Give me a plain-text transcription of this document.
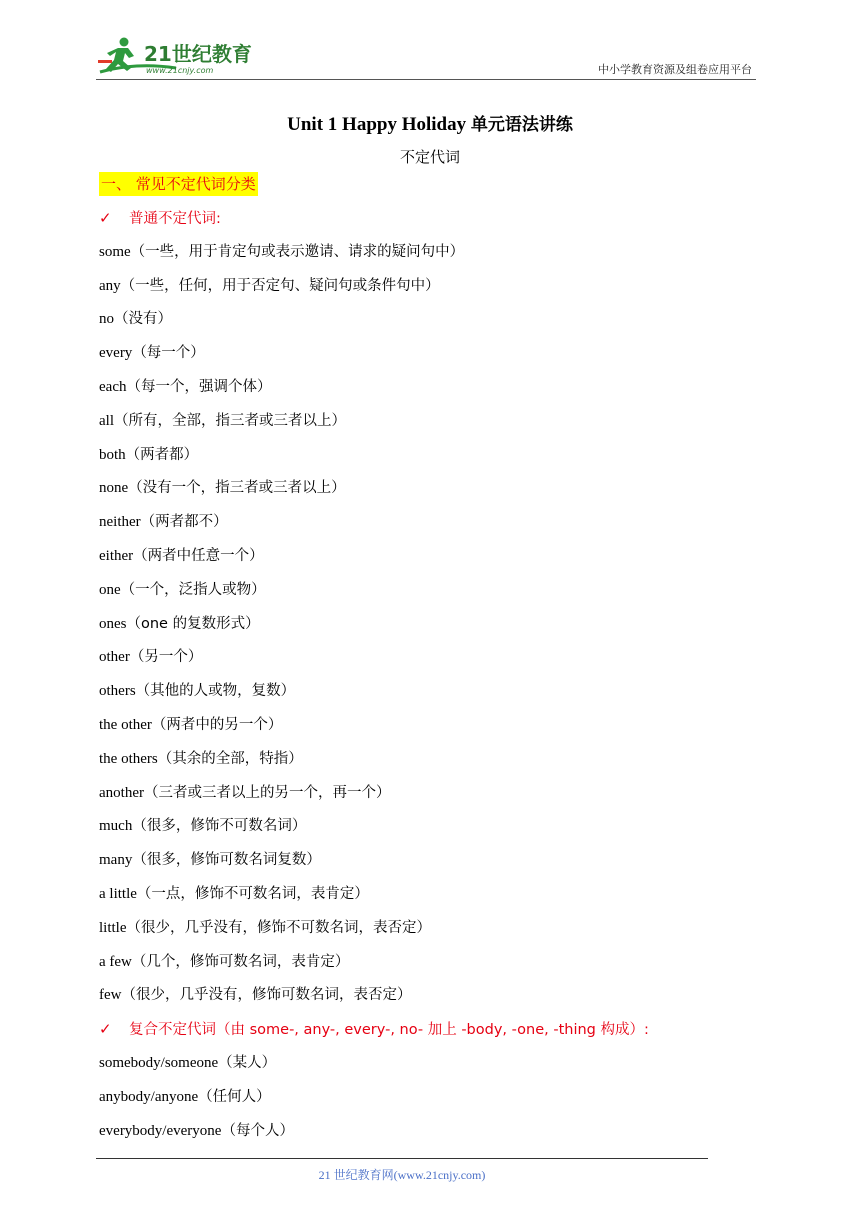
21世纪教育
www.21cnjy.com	中小学教育资源及组卷应用平台
Unit 1 Happy Holiday 单元语法讲练
不定代词
一、 常见不定代词分类
✓ 普通不定代词:
some（一些，用于肯定句或表示邀请、请求的疑问句中）
any（一些，任何，用于否定句、疑问句或条件句中）
no（没有）
every（每一个）
each（每一个，强调个体）
all（所有，全部，指三者或三者以上）
both（两者都）
none（没有一个，指三者或三者以上）
neither（两者都不）
either（两者中任意一个）
one（一个，泛指人或物）
ones（one 的复数形式）
other（另一个）
others（其他的人或物，复数）
the other（两者中的另一个）
the others（其余的全部，特指）
another（三者或三者以上的另一个，再一个）
much（很多，修饰不可数名词）
many（很多，修饰可数名词复数）
a little（一点，修饰不可数名词，表肯定）
little（很少，几乎没有，修饰不可数名词，表否定）
a few（几个，修饰可数名词，表肯定）
few（很少，几乎没有，修饰可数名词，表否定）
✓ 复合不定代词（由 some-, any-, every-, no- 加上 -body, -one, -thing 构成）:
somebody/someone（某人）
anybody/anyone（任何人）
everybody/everyone（每个人）
21 世纪教育网(www.21cnjy.com)
